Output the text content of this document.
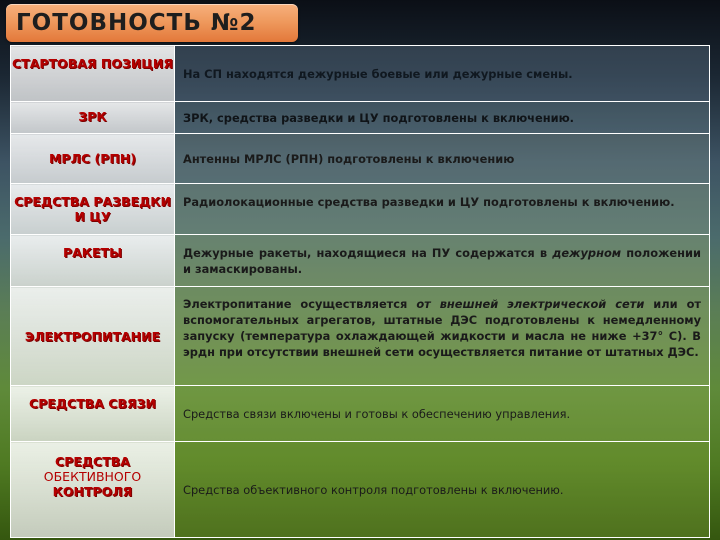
ГОТОВНОСТЬ №2
СТАРТОВАЯ ПОЗИЦИЯ	На СП находятся дежурные боевые или дежурные смены.
ЗРК	ЗРК, средства разведки и ЦУ подготовлены к включению.
МРЛС (РПН)	Антенны МРЛС (РПН) подготовлены к включению
СРЕДСТВА РАЗВЕДКИ И ЦУ	Радиолокационные средства разведки и ЦУ подготовлены к включению.
РАКЕТЫ	Дежурные ракеты, находящиеся на ПУ содержатся в дежурном положении и замаскированы.
ЭЛЕКТРОПИТАНИЕ	Электропитание осуществляется от внешней электрической сети или от вспомогательных агрегатов, штатные ДЭС подготовлены к немедленному запуску (температура охлаждающей жидкости и масла не ниже +37° С). В эрдн при отсутствии внешней сети осуществляется питание от штатных ДЭС.
СРЕДСТВА СВЯЗИ	Средства связи включены и готовы к обеспечению управления.
СРЕДСТВА
ОБЕКТИВНОГО
КОНТРОЛЯ	Средства объективного контроля подготовлены к включению.
